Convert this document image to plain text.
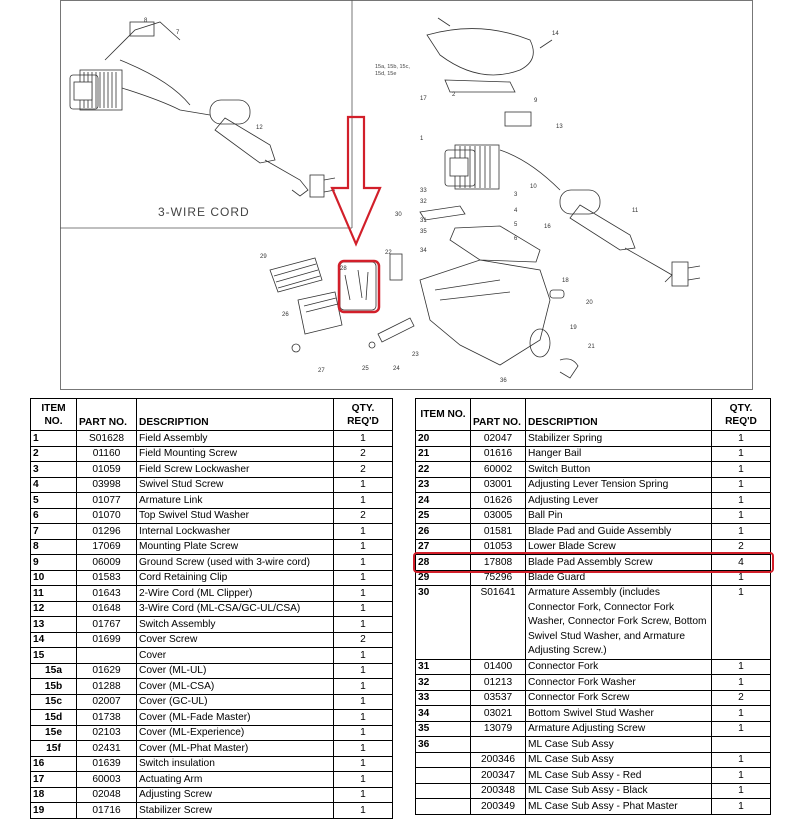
3-WIRE CORD
8
7
12
15a, 15b, 15c,
15d, 15e
14
17
2
9
13
1
11
30
33
32
31
35
34
10
16
3
4
5
6
36
18
19
20
21
29
26
27
28
22
23
24
25
ITEM NO.	PART NO.	DESCRIPTION	QTY. REQ'D
1	S01628	Field Assembly	1
2	01160	Field Mounting Screw	2
3	01059	Field Screw Lockwasher	2
4	03998	Swivel Stud Screw	1
5	01077	Armature Link	1
6	01070	Top Swivel Stud Washer	2
7	01296	Internal Lockwasher	1
8	17069	Mounting Plate Screw	1
9	06009	Ground Screw (used with 3-wire cord)	1
10	01583	Cord Retaining Clip	1
11	01643	2-Wire Cord (ML Clipper)	1
12	01648	3-Wire Cord (ML-CSA/GC-UL/CSA)	1
13	01767	Switch Assembly	1
14	01699	Cover Screw	2
15		Cover	1
15a	01629	Cover (ML-UL)	1
15b	01288	Cover (ML-CSA)	1
15c	02007	Cover (GC-UL)	1
15d	01738	Cover (ML-Fade Master)	1
15e	02103	Cover (ML-Experience)	1
15f	02431	Cover (ML-Phat Master)	1
16	01639	Switch insulation	1
17	60003	Actuating Arm	1
18	02048	Adjusting Screw	1
19	01716	Stabilizer Screw	1
ITEM NO.	PART NO.	DESCRIPTION	QTY. REQ'D
20	02047	Stabilizer Spring	1
21	01616	Hanger Bail	1
22	60002	Switch Button	1
23	03001	Adjusting Lever Tension Spring	1
24	01626	Adjusting Lever	1
25	03005	Ball Pin	1
26	01581	Blade Pad and Guide Assembly	1
27	01053	Lower Blade Screw	2
28	17808	Blade Pad Assembly Screw	4
29	75296	Blade Guard	1
30	S01641	Armature Assembly (includes Connector Fork, Connector Fork Washer, Connector Fork Screw, Bottom Swivel Stud Washer, and Armature Adjusting Screw.)	1
31	01400	Connector Fork	1
32	01213	Connector Fork Washer	1
33	03537	Connector Fork Screw	2
34	03021	Bottom Swivel Stud Washer	1
35	13079	Armature Adjusting Screw	1
36		ML Case Sub Assy	
	200346	ML Case Sub Assy	1
	200347	ML Case Sub Assy - Red	1
	200348	ML Case Sub Assy - Black	1
	200349	ML Case Sub Assy - Phat Master	1
